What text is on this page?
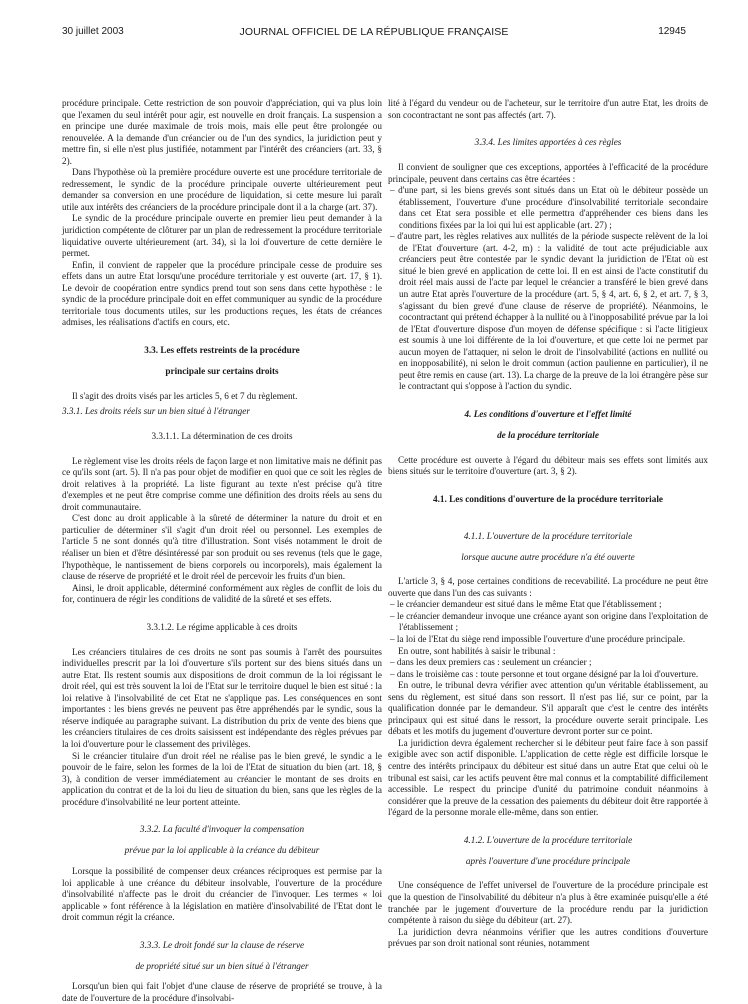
30 juillet 2003	JOURNAL OFFICIEL DE LA RÉPUBLIQUE FRANÇAISE	12945

procédure principale. Cette restriction de son pouvoir d'appréciation, qui va plus loin que l'examen du seul intérêt pour agir, est nouvelle en droit français. La suspension a en principe une durée maximale de trois mois, mais elle peut être prolongée ou renouvelée. A la demande d'un créancier ou de l'un des syndics, la juridiction peut y mettre fin, si elle n'est plus justifiée, notamment par l'intérêt des créanciers (art. 33, § 2).

Dans l'hypothèse où la première procédure ouverte est une procédure territoriale de redressement, le syndic de la procédure principale ouverte ultérieurement peut demander sa conversion en une procédure de liquidation, si cette mesure lui paraît utile aux intérêts des créanciers de la procédure principale dont il a la charge (art. 37).

Le syndic de la procédure principale ouverte en premier lieu peut demander à la juridiction compétente de clôturer par un plan de redressement la procédure territoriale liquidative ouverte ultérieurement (art. 34), si la loi d'ouverture de cette dernière le permet.

Enfin, il convient de rappeler que la procédure principale cesse de produire ses effets dans un autre Etat lorsqu'une procédure territoriale y est ouverte (art. 17, § 1). Le devoir de coopération entre syndics prend tout son sens dans cette hypothèse : le syndic de la procédure principale doit en effet communiquer au syndic de la procédure territoriale tous documents utiles, sur les productions reçues, les états de créances admises, les réalisations d'actifs en cours, etc.

3.3. Les effets restreints de la procédure

principale sur certains droits

Il s'agit des droits visés par les articles 5, 6 et 7 du règlement.

3.3.1. Les droits réels sur un bien situé à l'étranger

3.3.1.1. La détermination de ces droits

Le règlement vise les droits réels de façon large et non limitative mais ne définit pas ce qu'ils sont (art. 5). Il n'a pas pour objet de modifier en quoi que ce soit les règles de droit relatives à la propriété. La liste figurant au texte n'est précise qu'à titre d'exemples et ne peut être comprise comme une définition des droits réels au sens du droit communautaire.

C'est donc au droit applicable à la sûreté de déterminer la nature du droit et en particulier de déterminer s'il s'agit d'un droit réel ou personnel. Les exemples de l'article 5 ne sont donnés qu'à titre d'illustration. Sont visés notamment le droit de réaliser un bien et d'être désintéressé par son produit ou ses revenus (tels que le gage, l'hypothèque, le nantissement de biens corporels ou incorporels), mais également la clause de réserve de propriété et le droit réel de percevoir les fruits d'un bien.

Ainsi, le droit applicable, déterminé conformément aux règles de conflit de lois du for, continuera de régir les conditions de validité de la sûreté et ses effets.

3.3.1.2. Le régime applicable à ces droits

Les créanciers titulaires de ces droits ne sont pas soumis à l'arrêt des poursuites individuelles prescrit par la loi d'ouverture s'ils portent sur des biens situés dans un autre Etat. Ils restent soumis aux dispositions de droit commun de la loi régissant le droit réel, qui est très souvent la loi de l'Etat sur le territoire duquel le bien est situé : la loi relative à l'insolvabilité de cet Etat ne s'applique pas. Les conséquences en sont importantes : les biens grevés ne peuvent pas être appréhendés par le syndic, sous la réserve indiquée au paragraphe suivant. La distribution du prix de vente des biens que les créanciers titulaires de ces droits saisissent est indépendante des règles prévues par la loi d'ouverture pour le classement des privilèges.

Si le créancier titulaire d'un droit réel ne réalise pas le bien grevé, le syndic a le pouvoir de le faire, selon les formes de la loi de l'Etat de situation du bien (art. 18, § 3), à condition de verser immédiatement au créancier le montant de ses droits en application du contrat et de la loi du lieu de situation du bien, sans que les règles de la procédure d'insolvabilité ne leur portent atteinte.

3.3.2. La faculté d'invoquer la compensation

prévue par la loi applicable à la créance du débiteur

Lorsque la possibilité de compenser deux créances réciproques est permise par la loi applicable à une créance du débiteur insolvable, l'ouverture de la procédure d'insolvabilité n'affecte pas le droit du créancier de l'invoquer. Les termes « loi applicable » font référence à la législation en matière d'insolvabilité de l'Etat dont le droit commun régit la créance.

3.3.3. Le droit fondé sur la clause de réserve

de propriété situé sur un bien situé à l'étranger

Lorsqu'un bien qui fait l'objet d'une clause de réserve de propriété se trouve, à la date de l'ouverture de la procédure d'insolvabi-

lité à l'égard du vendeur ou de l'acheteur, sur le territoire d'un autre Etat, les droits de son cocontractant ne sont pas affectés (art. 7).

3.3.4. Les limites apportées à ces règles

Il convient de souligner que ces exceptions, apportées à l'efficacité de la procédure principale, peuvent dans certains cas être écartées :

– d'une part, si les biens grevés sont situés dans un Etat où le débiteur possède un établissement, l'ouverture d'une procédure d'insolvabilité territoriale secondaire dans cet Etat sera possible et elle permettra d'appréhender ces biens dans les conditions fixées par la loi qui lui est applicable (art. 27) ;

– d'autre part, les règles relatives aux nullités de la période suspecte relèvent de la loi de l'Etat d'ouverture (art. 4-2, m) : la validité de tout acte préjudiciable aux créanciers peut être contestée par le syndic devant la juridiction de l'Etat où est situé le bien grevé en application de cette loi. Il en est ainsi de l'acte constitutif du droit réel mais aussi de l'acte par lequel le créancier a transféré le bien grevé dans un autre Etat après l'ouverture de la procédure (art. 5, § 4, art. 6, § 2, et art. 7, § 3, s'agissant du bien grevé d'une clause de réserve de propriété). Néanmoins, le cocontractant qui prétend échapper à la nullité ou à l'inopposabilité prévue par la loi de l'Etat d'ouverture dispose d'un moyen de défense spécifique : si l'acte litigieux est soumis à une loi différente de la loi d'ouverture, et que cette loi ne permet par aucun moyen de l'attaquer, ni selon le droit de l'insolvabilité (actions en nullité ou en inopposabilité), ni selon le droit commun (action paulienne en particulier), il ne peut être remis en cause (art. 13). La charge de la preuve de la loi étrangère pèse sur le contractant qui s'oppose à l'action du syndic.

4. Les conditions d'ouverture et l'effet limité

de la procédure territoriale

Cette procédure est ouverte à l'égard du débiteur mais ses effets sont limités aux biens situés sur le territoire d'ouverture (art. 3, § 2).

4.1. Les conditions d'ouverture de la procédure territoriale

4.1.1. L'ouverture de la procédure territoriale

lorsque aucune autre procédure n'a été ouverte

L'article 3, § 4, pose certaines conditions de recevabilité. La procédure ne peut être ouverte que dans l'un des cas suivants :

– le créancier demandeur est situé dans le même Etat que l'établissement ;

– le créancier demandeur invoque une créance ayant son origine dans l'exploitation de l'établissement ;

– la loi de l'Etat du siège rend impossible l'ouverture d'une procédure principale.

En outre, sont habilités à saisir le tribunal :

– dans les deux premiers cas : seulement un créancier ;

– dans le troisième cas : toute personne et tout organe désigné par la loi d'ouverture.

En outre, le tribunal devra vérifier avec attention qu'un véritable établissement, au sens du règlement, est situé dans son ressort. Il n'est pas lié, sur ce point, par la qualification donnée par le demandeur. S'il apparaît que c'est le centre des intérêts principaux qui est situé dans le ressort, la procédure ouverte serait principale. Les débats et les motifs du jugement d'ouverture devront porter sur ce point.

La juridiction devra également rechercher si le débiteur peut faire face à son passif exigible avec son actif disponible. L'application de cette règle est difficile lorsque le centre des intérêts principaux du débiteur est situé dans un autre Etat que celui où le tribunal est saisi, car les actifs peuvent être mal connus et la comptabilité difficilement accessible. Le respect du principe d'unité du patrimoine conduit néanmoins à considérer que la preuve de la cessation des paiements du débiteur doit être rapportée à l'égard de la personne morale elle-même, dans son entier.

4.1.2. L'ouverture de la procédure territoriale

après l'ouverture d'une procédure principale

Une conséquence de l'effet universel de l'ouverture de la procédure principale est que la question de l'insolvabilité du débiteur n'a plus à être examinée puisqu'elle a été tranchée par le jugement d'ouverture de la procédure rendu par la juridiction compétente à raison du siège du débiteur (art. 27).

La juridiction devra néanmoins vérifier que les autres conditions d'ouverture prévues par son droit national sont réunies, notamment
